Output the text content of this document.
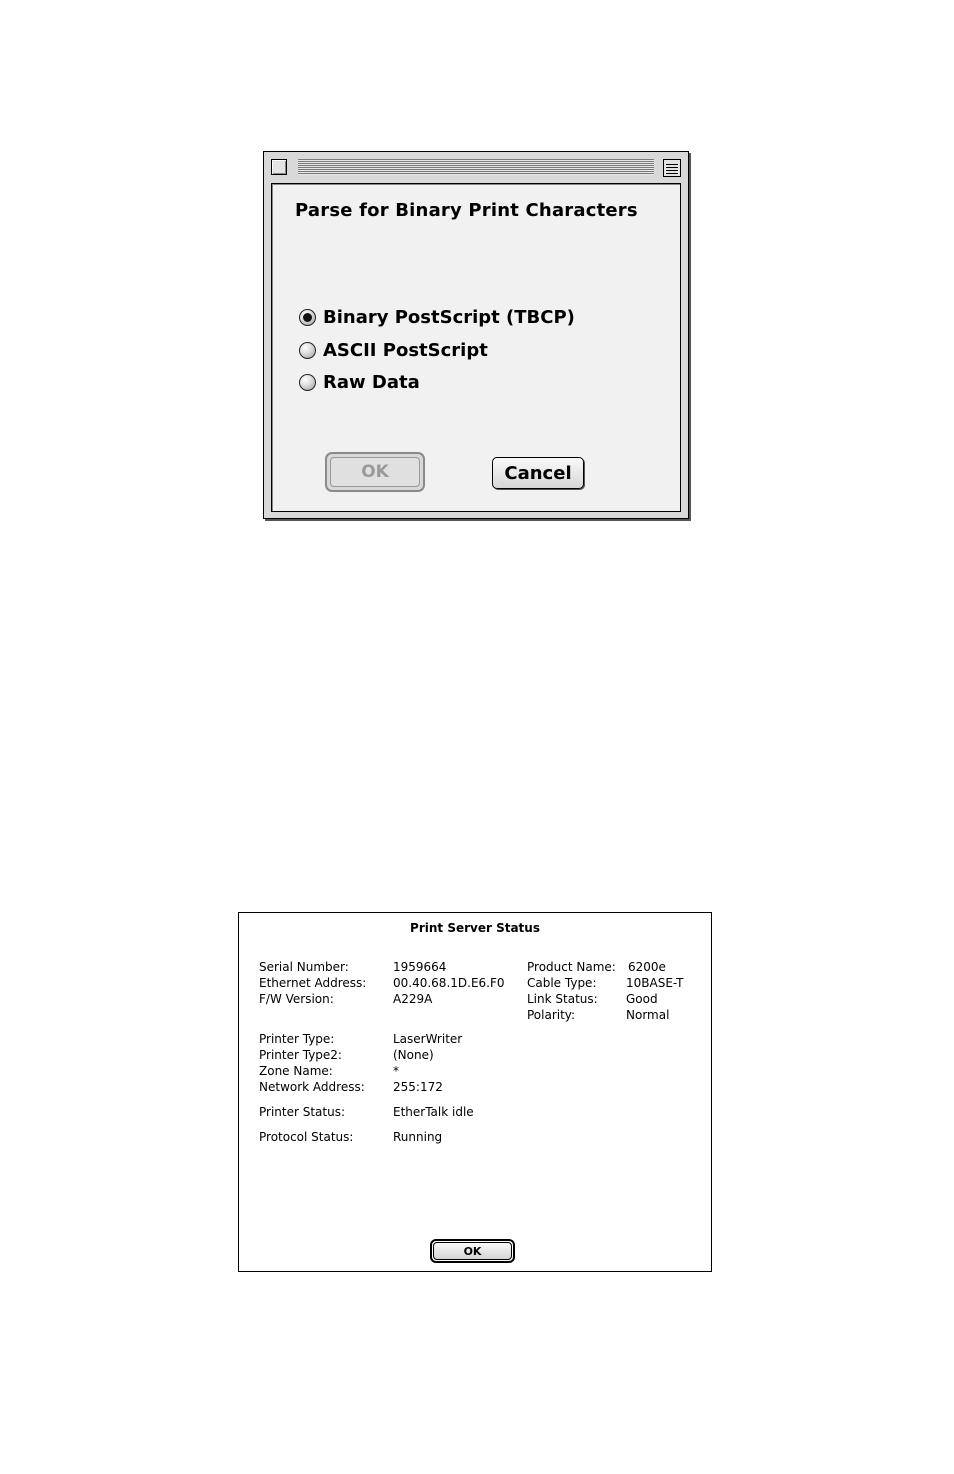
Parse for Binary Print Characters
Binary PostScript (TBCP)
ASCII PostScript
Raw Data
OK	Cancel
Print Server Status
Serial Number:	1959664
Ethernet Address: 00.40.68.1D.E6.F0
F/W Version:	A229A
Printer Type:	LaserWriter
Printer Type2:	(None)
Zone Name:	*
Network Address: 255:172
Printer Status:	EtherTalk idle
Protocol Status:	Running
Product Name: 6200e
Cable Type: 10BASE-T
Link Status: Good
Polarity:	Normal
OK
